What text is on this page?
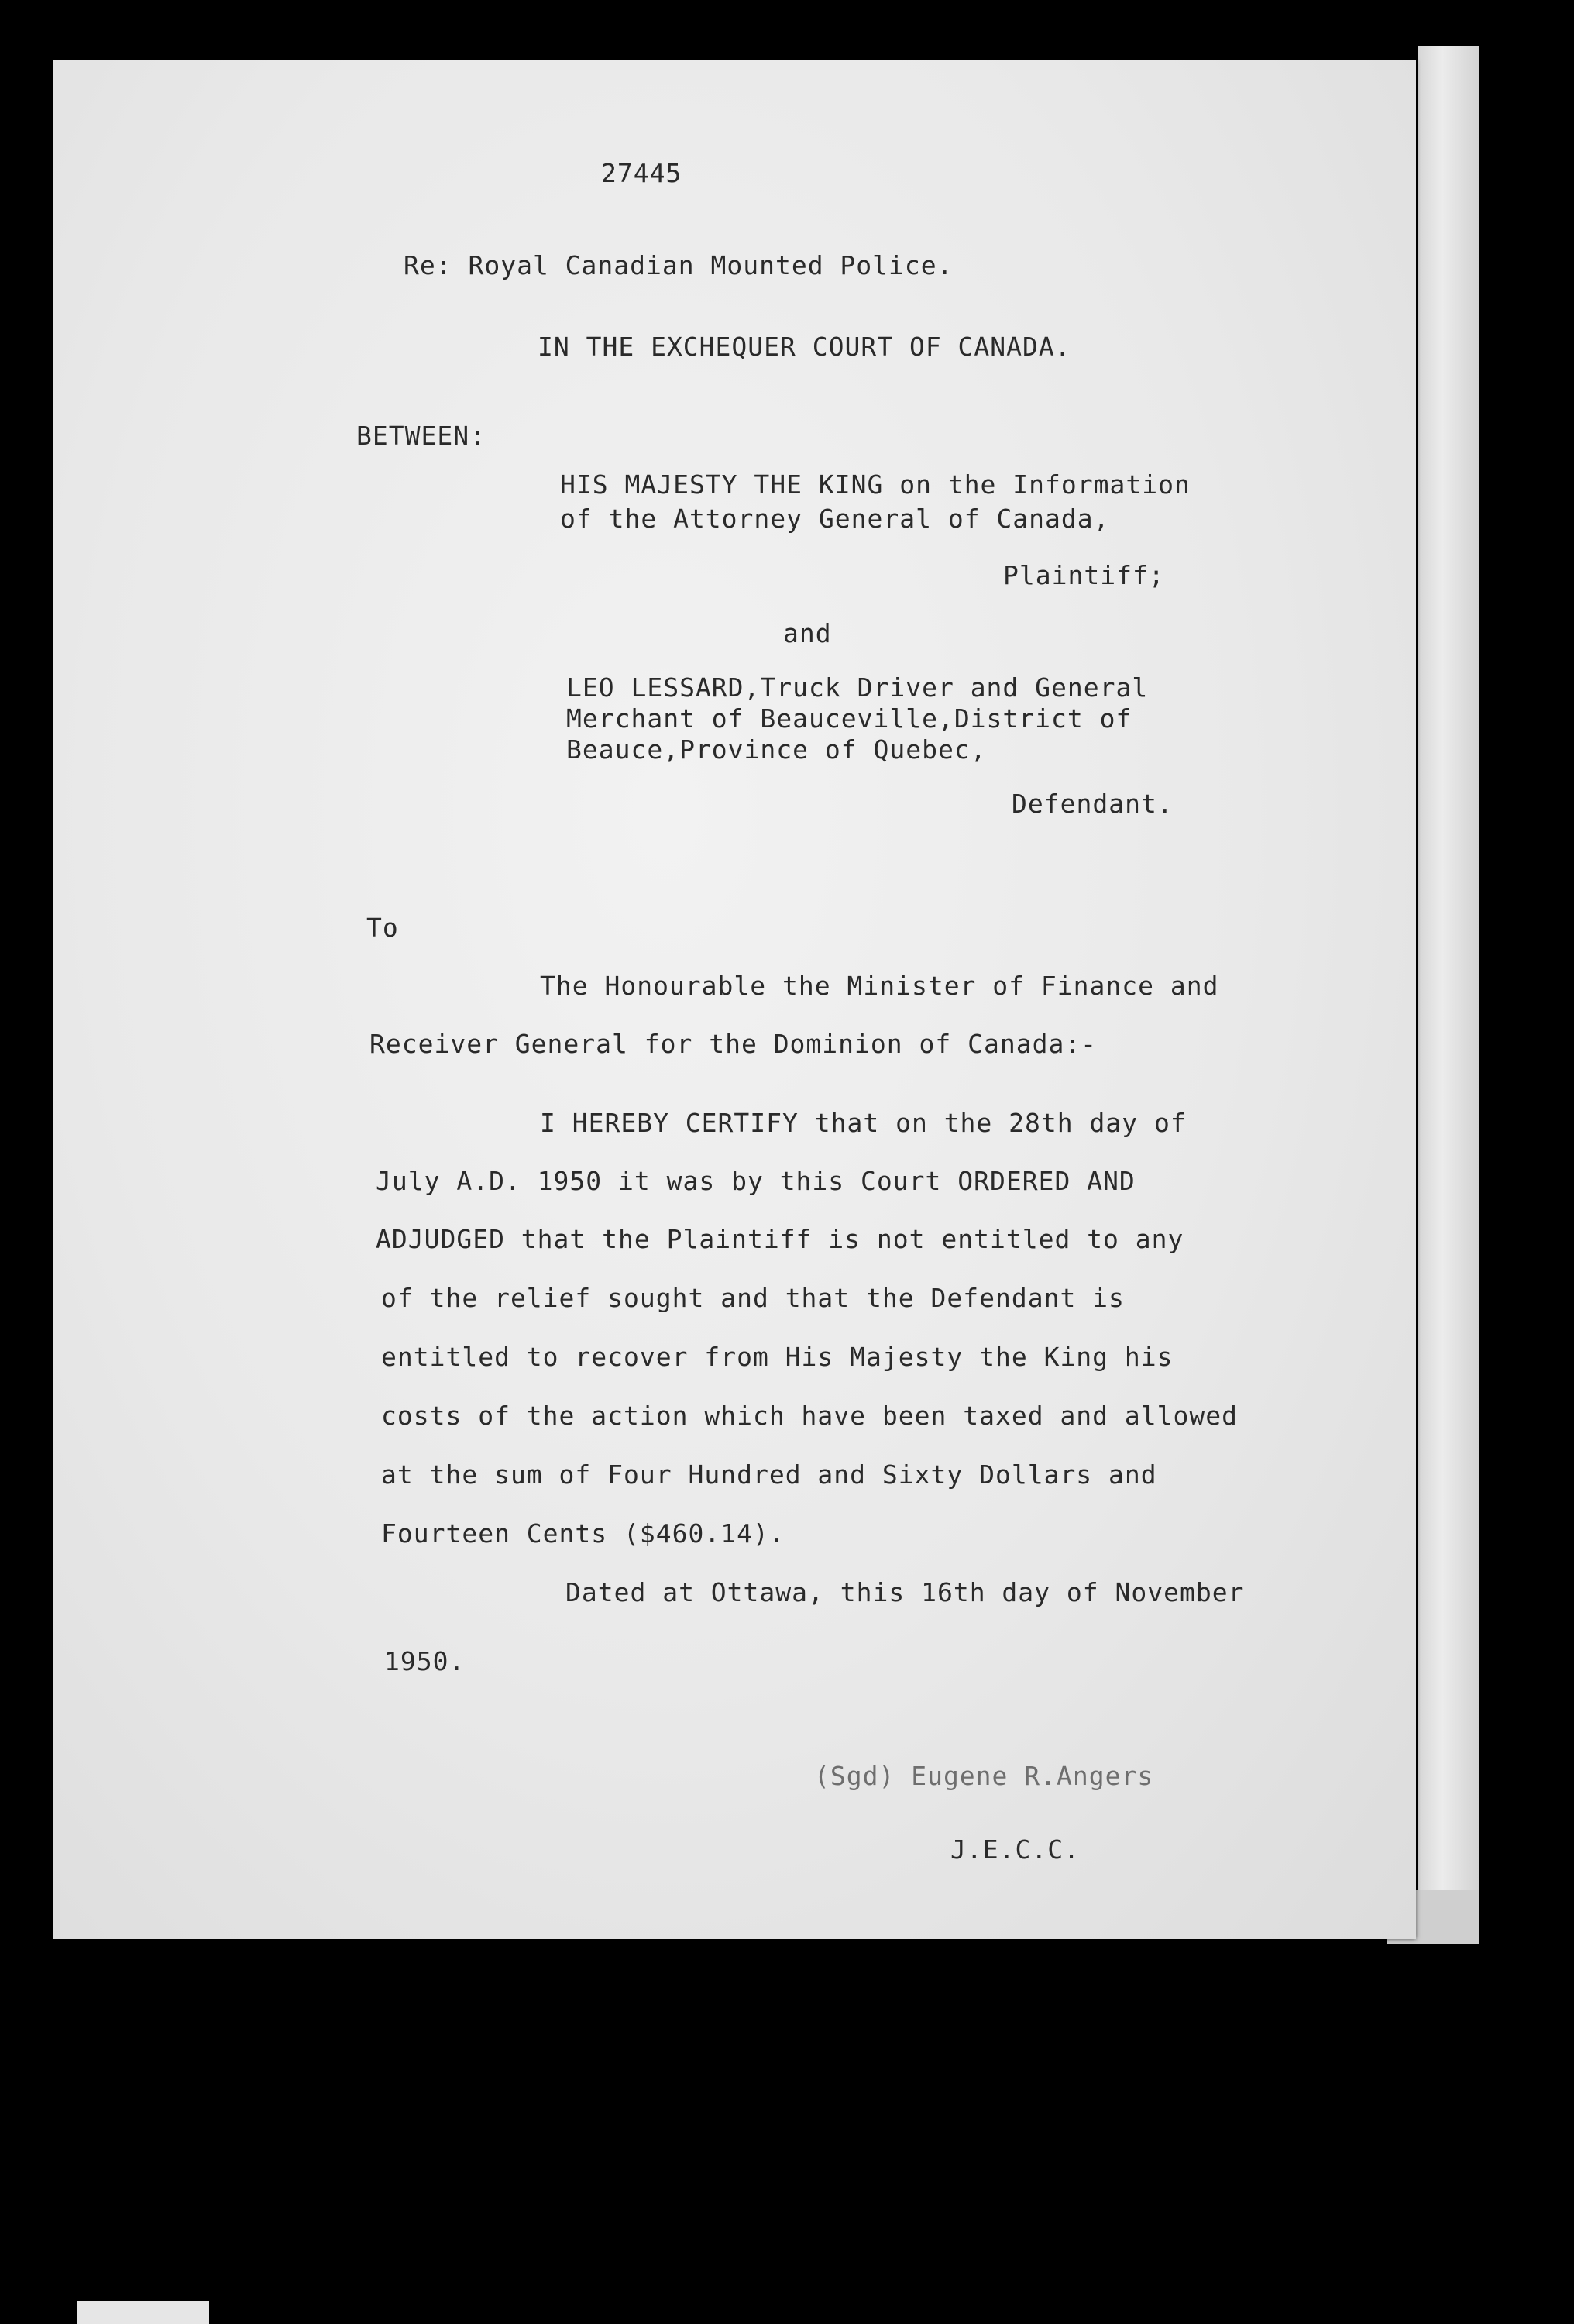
27445

Re: Royal Canadian Mounted Police.

IN THE EXCHEQUER COURT OF CANADA.

BETWEEN:

HIS MAJESTY THE KING on the Information

of the Attorney General of Canada,

Plaintiff;

and

LEO LESSARD,Truck Driver and General

Merchant of Beauceville,District of

Beauce,Province of Quebec,

Defendant.

To

The Honourable the Minister of Finance and

Receiver General for the Dominion of Canada:-

I HEREBY CERTIFY that on the 28th day of

July A.D. 1950 it was by this Court ORDERED AND

ADJUDGED that the Plaintiff is not entitled to any

of the relief sought and that the Defendant is

entitled to recover from His Majesty the King his

costs of the action which have been taxed and allowed

at the sum of Four Hundred and Sixty Dollars and

Fourteen Cents ($460.14).

Dated at Ottawa, this 16th day of November

1950.

(Sgd) Eugene R.Angers

J.E.C.C.
